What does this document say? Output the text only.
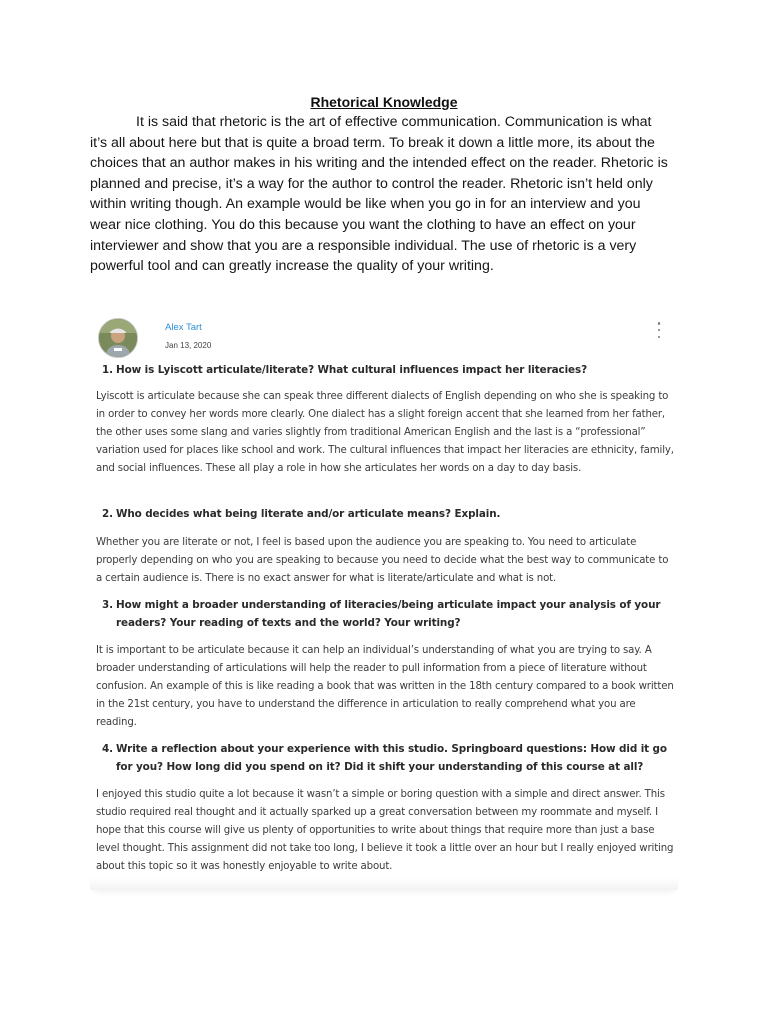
Rhetorical Knowledge

It is said that rhetoric is the art of effective communication. Communication is what it’s all about here but that is quite a broad term. To break it down a little more, its about the choices that an author makes in his writing and the intended effect on the reader. Rhetoric is planned and precise, it’s a way for the author to control the reader. Rhetoric isn’t held only within writing though. An example would be like when you go in for an interview and you wear nice clothing. You do this because you want the clothing to have an effect on your interviewer and show that you are a responsible individual. The use of rhetoric is a very powerful tool and can greatly increase the quality of your writing.

Alex Tart
Jan 13, 2020
1. How is Lyiscott articulate/literate? What cultural influences impact her literacies?
Lyiscott is articulate because she can speak three different dialects of English depending on who she is speaking to in order to convey her words more clearly. One dialect has a slight foreign accent that she learned from her father, the other uses some slang and varies slightly from traditional American English and the last is a “professional” variation used for places like school and work. The cultural influences that impact her literacies are ethnicity, family, and social influences. These all play a role in how she articulates her words on a day to day basis.
2. Who decides what being literate and/or articulate means? Explain.
Whether you are literate or not, I feel is based upon the audience you are speaking to. You need to articulate properly depending on who you are speaking to because you need to decide what the best way to communicate to a certain audience is. There is no exact answer for what is literate/articulate and what is not.
3. How might a broader understanding of literacies/being articulate impact your analysis of your readers? Your reading of texts and the world? Your writing?
It is important to be articulate because it can help an individual’s understanding of what you are trying to say. A broader understanding of articulations will help the reader to pull information from a piece of literature without confusion. An example of this is like reading a book that was written in the 18th century compared to a book written in the 21st century, you have to understand the difference in articulation to really comprehend what you are reading.
4. Write a reflection about your experience with this studio. Springboard questions: How did it go for you? How long did you spend on it? Did it shift your understanding of this course at all?
I enjoyed this studio quite a lot because it wasn’t a simple or boring question with a simple and direct answer. This studio required real thought and it actually sparked up a great conversation between my roommate and myself. I hope that this course will give us plenty of opportunities to write about things that require more than just a base level thought. This assignment did not take too long, I believe it took a little over an hour but I really enjoyed writing about this topic so it was honestly enjoyable to write about.
